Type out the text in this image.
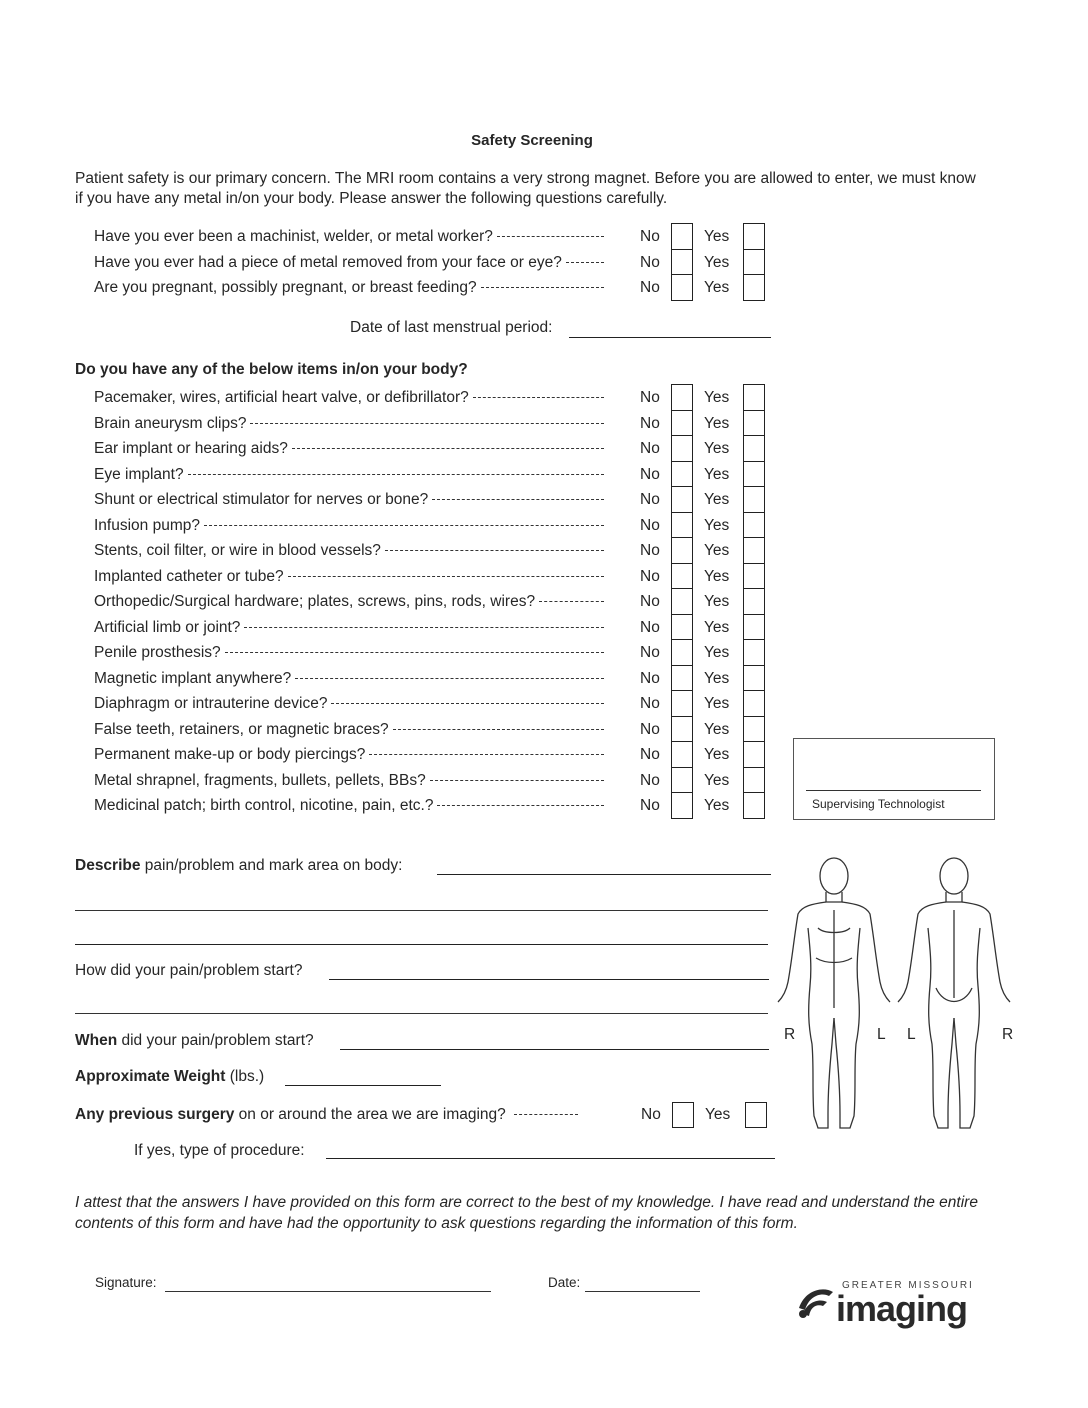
Safety Screening
Patient safety is our primary concern. The MRI room contains a very strong magnet. Before you are allowed to enter, we must know if you have any metal in/on your body. Please answer the following questions carefully.
Have you ever been a machinist, welder, or metal worker?	No	Yes
Have you ever had a piece of metal removed from your face or eye?	No	Yes
Are you pregnant, possibly pregnant, or breast feeding?	No	Yes
Date of last menstrual period:
Do you have any of the below items in/on your body?
Pacemaker, wires, artificial heart valve, or defibrillator?	No	Yes
Brain aneurysm clips?	No	Yes
Ear implant or hearing aids?	No	Yes
Eye implant?	No	Yes
Shunt or electrical stimulator for nerves or bone?	No	Yes
Infusion pump?	No	Yes
Stents, coil filter, or wire in blood vessels?	No	Yes
Implanted catheter or tube?	No	Yes
Orthopedic/Surgical hardware; plates, screws, pins, rods, wires?	No	Yes
Artificial limb or joint?	No	Yes
Penile prosthesis?	No	Yes
Magnetic implant anywhere?	No	Yes
Diaphragm or intrauterine device?	No	Yes
False teeth, retainers, or magnetic braces?	No	Yes
Permanent make-up or body piercings?	No	Yes
Metal shrapnel, fragments, bullets, pellets, BBs?	No	Yes
Medicinal patch; birth control, nicotine, pain, etc.?	No	Yes	Supervising Technologist
Describe pain/problem and mark area on body:
How did your pain/problem start?
When did your pain/problem start?
Approximate Weight (lbs.)
Any previous surgery on or around the area we are imaging?	No	Yes
If yes, type of procedure:
R	L L	R
I attest that the answers I have provided on this form are correct to the best of my knowledge. I have read and understand the entire contents of this form and have had the opportunity to ask questions regarding the information of this form.
Signature:	Date:	GREATER MISSOURI
imaging
